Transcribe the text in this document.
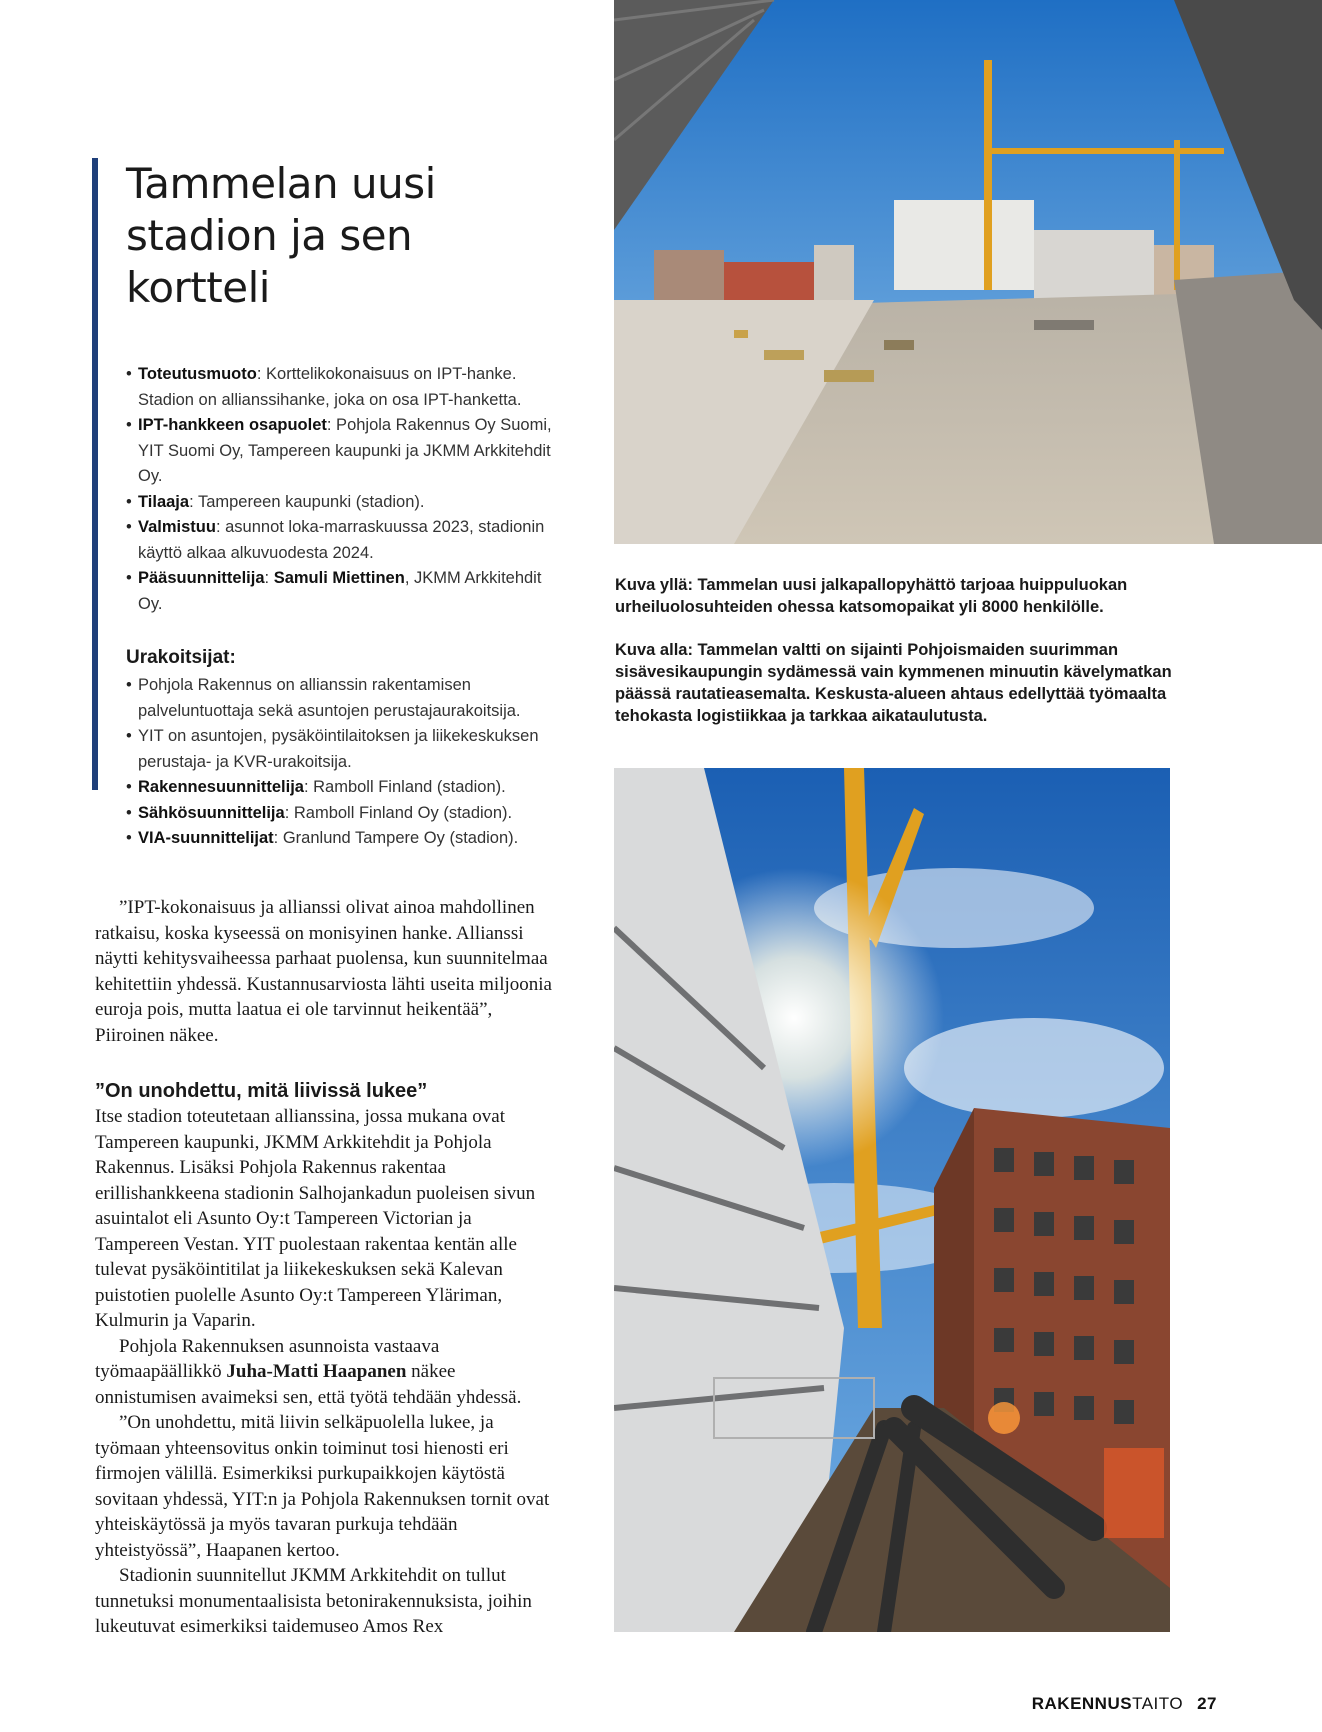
Tammelan uusi
stadion ja sen kortteli
• Toteutusmuoto: Korttelikokonaisuus on IPT-hanke. Stadion on allianssihanke, joka on osa IPT-hanketta.
• IPT-hankkeen osapuolet: Pohjola Rakennus Oy Suomi, YIT Suomi Oy, Tampereen kaupunki ja JKMM Arkkitehdit Oy.
• Tilaaja: Tampereen kaupunki (stadion).
• Valmistuu: asunnot loka-marraskuussa 2023, stadionin käyttö alkaa alkuvuodesta 2024.
• Pääsuunnittelija: Samuli Miettinen, JKMM Arkkitehdit Oy.
Urakoitsijat:
• Pohjola Rakennus on allianssin rakentamisen palveluntuottaja sekä asuntojen perustajaurakoitsija.
• YIT on asuntojen, pysäköintilaitoksen ja liikekeskuksen perustaja- ja KVR-urakoitsija.
• Rakennesuunnittelija: Ramboll Finland (stadion).
• Sähkösuunnittelija: Ramboll Finland Oy (stadion).
• VIA-suunnittelijat: Granlund Tampere Oy (stadion).

”IPT-kokonaisuus ja allianssi olivat ainoa mahdollinen ratkaisu, koska kyseessä on monisyinen hanke. Allianssi näytti kehitysvaiheessa parhaat puolensa, kun suunnitelmaa kehitettiin yhdessä. Kustannusarviosta lähti useita miljoonia euroja pois, mutta laatua ei ole tarvinnut heikentää”, Piiroinen näkee.

”On unohdettu, mitä liivissä lukee”

Itse stadion toteutetaan allianssina, jossa mukana ovat Tampereen kaupunki, JKMM Arkkitehdit ja Pohjola Rakennus. Lisäksi Pohjola Rakennus rakentaa erillishankkeena stadionin Salhojankadun puoleisen sivun asuintalot eli Asunto Oy:t Tampereen Victorian ja Tampereen Vestan. YIT puolestaan rakentaa kentän alle tulevat pysäköintitilat ja liikekeskuksen sekä Kalevan puistotien puolelle Asunto Oy:t Tampereen Yläriman, Kulmurin ja Vaparin.

Pohjola Rakennuksen asunnoista vastaava työmaapäällikkö Juha-Matti Haapanen näkee onnistumisen avaimeksi sen, että työtä tehdään yhdessä.

”On unohdettu, mitä liivin selkäpuolella lukee, ja työmaan yhteensovitus onkin toiminut tosi hienosti eri firmojen välillä. Esimerkiksi purkupaikkojen käytöstä sovitaan yhdessä, YIT:n ja Pohjola Rakennuksen tornit ovat yhteiskäytössä ja myös tavaran purkuja tehdään yhteistyössä”, Haapanen kertoo.

Stadionin suunnitellut JKMM Arkkitehdit on tullut tunnetuksi monumentaalisista betonirakennuksista, joihin lukeutuvat esimerkiksi taidemuseo Amos Rex

Kuva yllä: Tammelan uusi jalkapallopyhättö tarjoaa huippuluokan urheiluolosuhteiden ohessa katsomopaikat yli 8000 henkilölle.

Kuva alla: Tammelan valtti on sijainti Pohjoismaiden suurimman sisävesikaupungin sydämessä vain kymmenen minuutin kävelymatkan päässä rautatieasemalta. Keskusta-alueen ahtaus edellyttää työmaalta tehokasta logistiikkaa ja tarkkaa aikataulutusta.

RAKENNUSTAITO 27
